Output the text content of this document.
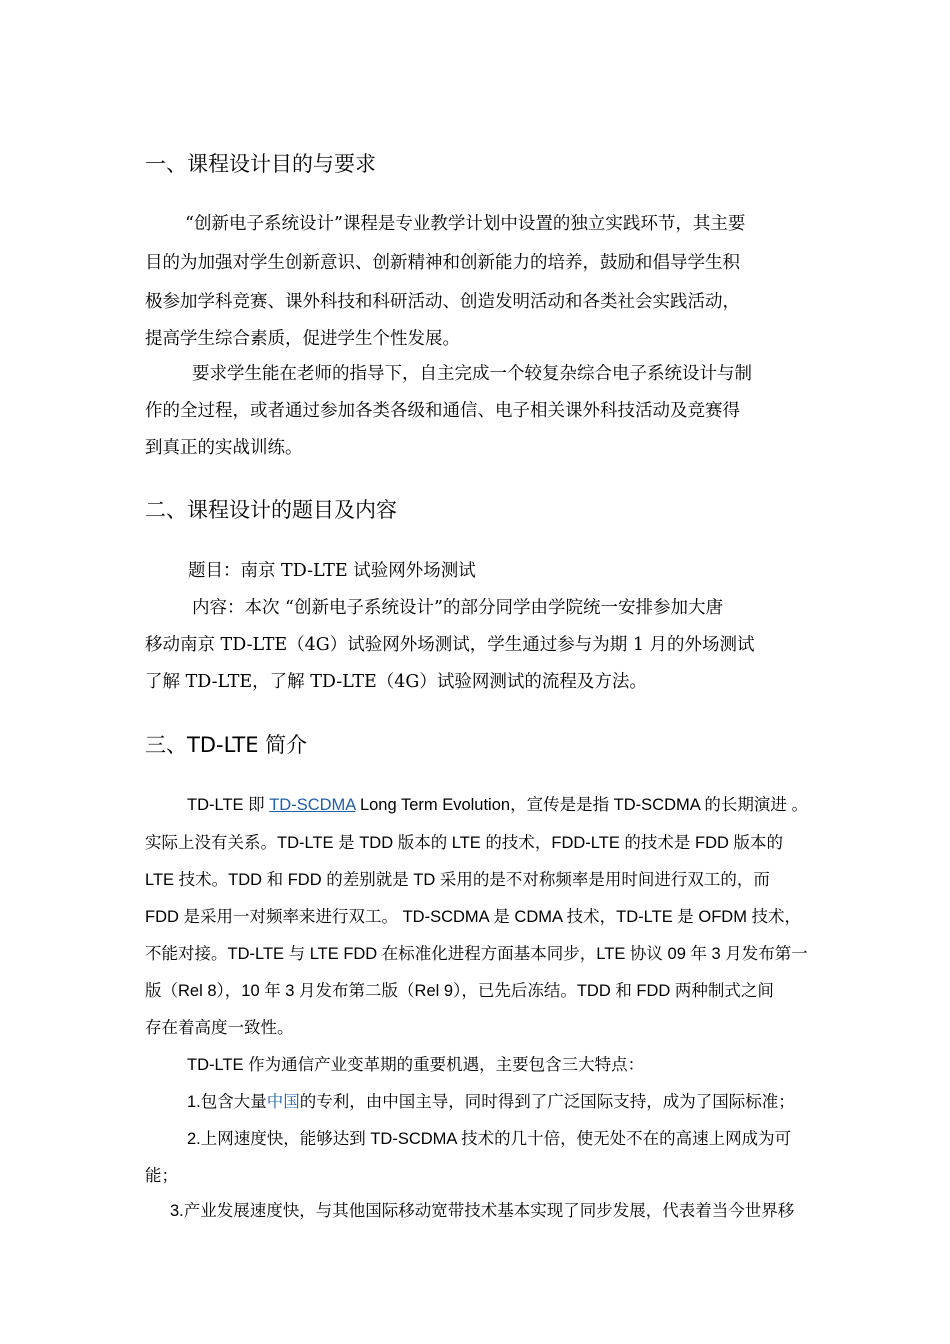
一、课程设计目的与要求
“创新电子系统设计”课程是专业教学计划中设置的独立实践环节，其主要
目的为加强对学生创新意识、创新精神和创新能力的培养，鼓励和倡导学生积
极参加学科竞赛、课外科技和科研活动、创造发明活动和各类社会实践活动，
提高学生综合素质，促进学生个性发展。
要求学生能在老师的指导下，自主完成一个较复杂综合电子系统设计与制
作的全过程，或者通过参加各类各级和通信、电子相关课外科技活动及竞赛得
到真正的实战训练。
二、课程设计的题目及内容
题目：南京 TD-LTE 试验网外场测试
内容：本次 “创新电子系统设计”的部分同学由学院统一安排参加大唐
移动南京 TD-LTE（4G）试验网外场测试，学生通过参与为期 1 月的外场测试
了解 TD-LTE，了解 TD-LTE（4G）试验网测试的流程及方法。
三、TD-LTE 简介
TD-LTE 即 TD-SCDMA Long Term Evolution，宣传是是指 TD-SCDMA 的长期演进 。
实际上没有关系。TD-LTE 是 TDD 版本的 LTE 的技术，FDD-LTE 的技术是 FDD 版本的
LTE 技术。TDD 和 FDD 的差别就是 TD 采用的是不对称频率是用时间进行双工的，而
FDD 是采用一对频率来进行双工。 TD-SCDMA 是 CDMA 技术，TD-LTE 是 OFDM 技术，
不能对接。TD-LTE 与 LTE FDD 在标准化进程方面基本同步，LTE 协议 09 年 3 月发布第一
版（Rel 8），10 年 3 月发布第二版（Rel 9），已先后冻结。TDD 和 FDD 两种制式之间
存在着高度一致性。
TD-LTE 作为通信产业变革期的重要机遇，主要包含三大特点：
1.包含大量中国的专利，由中国主导，同时得到了广泛国际支持，成为了国际标准；
2.上网速度快，能够达到 TD-SCDMA 技术的几十倍，使无处不在的高速上网成为可
能；
3.产业发展速度快，与其他国际移动宽带技术基本实现了同步发展，代表着当今世界移
